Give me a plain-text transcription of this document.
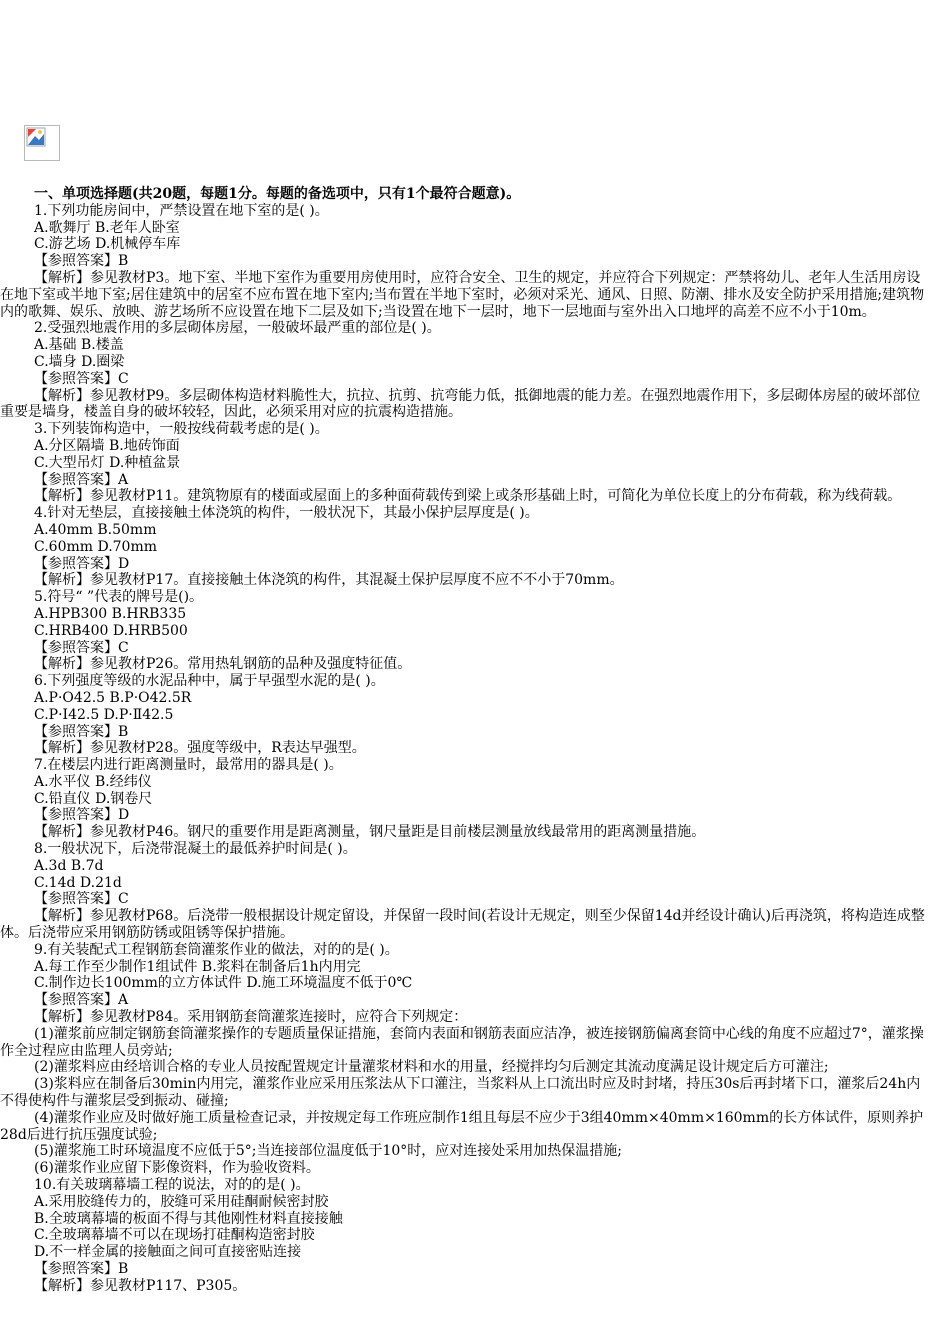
一、单项选择题(共20题，每题1分。每题的备选项中，只有1个最符合题意)。

1.下列功能房间中，严禁设置在地下室的是( )。

A.歌舞厅 B.老年人卧室

C.游艺场 D.机械停车库

【参照答案】B

【解析】参见教材P3。地下室、半地下室作为重要用房使用时，应符合安全、卫生的规定，并应符合下列规定：严禁将幼儿、老年人生活用房设在地下室或半地下室;居住建筑中的居室不应布置在地下室内;当布置在半地下室时，必须对采光、通风、日照、防潮、排水及安全防护采用措施;建筑物内的歌舞、娱乐、放映、游艺场所不应设置在地下二层及如下;当设置在地下一层时，地下一层地面与室外出入口地坪的高差不应不小于10m。

2.受强烈地震作用的多层砌体房屋，一般破坏最严重的部位是( )。

A.基础 B.楼盖

C.墙身 D.圈梁

【参照答案】C

【解析】参见教材P9。多层砌体构造材料脆性大，抗拉、抗剪、抗弯能力低，抵御地震的能力差。在强烈地震作用下，多层砌体房屋的破坏部位重要是墙身，楼盖自身的破坏较轻，因此，必须采用对应的抗震构造措施。

3.下列装饰构造中，一般按线荷载考虑的是( )。

A.分区隔墙 B.地砖饰面

C.大型吊灯 D.种植盆景

【参照答案】A

【解析】参见教材P11。建筑物原有的楼面或屋面上的多种面荷载传到梁上或条形基础上时，可简化为单位长度上的分布荷载，称为线荷载。

4.针对无垫层，直接接触土体浇筑的构件，一般状况下，其最小保护层厚度是( )。

A.40mm B.50mm

C.60mm D.70mm

【参照答案】D

【解析】参见教材P17。直接接触土体浇筑的构件，其混凝土保护层厚度不应不不小于70mm。

5.符号“ ”代表的牌号是()。

A.HPB300 B.HRB335

C.HRB400 D.HRB500

【参照答案】C

【解析】参见教材P26。常用热轧钢筋的品种及强度特征值。

6.下列强度等级的水泥品种中，属于早强型水泥的是( )。

A.P·O42.5 B.P·O42.5R

C.P·I42.5 D.P·Ⅱ42.5

【参照答案】B

【解析】参见教材P28。强度等级中，R表达早强型。

7.在楼层内进行距离测量时，最常用的器具是( )。

A.水平仪 B.经纬仪

C.铅直仪 D.钢卷尺

【参照答案】D

【解析】参见教材P46。钢尺的重要作用是距离测量，钢尺量距是目前楼层测量放线最常用的距离测量措施。

8.一般状况下，后浇带混凝土的最低养护时间是( )。

A.3d B.7d

C.14d D.21d

【参照答案】C

【解析】参见教材P68。后浇带一般根据设计规定留设，并保留一段时间(若设计无规定，则至少保留14d并经设计确认)后再浇筑，将构造连成整体。后浇带应采用钢筋防锈或阻锈等保护措施。

9.有关装配式工程钢筋套筒灌浆作业的做法，对的的是( )。

A.每工作至少制作1组试件 B.浆料在制备后1h内用完

C.制作边长100mm的立方体试件 D.施工环境温度不低于0℃

【参照答案】A

【解析】参见教材P84。采用钢筋套筒灌浆连接时，应符合下列规定：

(1)灌浆前应制定钢筋套筒灌浆操作的专题质量保证措施，套筒内表面和钢筋表面应洁净，被连接钢筋偏离套筒中心线的角度不应超过7°，灌浆操作全过程应由监理人员旁站;

(2)灌浆料应由经培训合格的专业人员按配置规定计量灌浆材料和水的用量，经搅拌均匀后测定其流动度满足设计规定后方可灌注;

(3)浆料应在制备后30min内用完，灌浆作业应采用压浆法从下口灌注，当浆料从上口流出时应及时封堵，持压30s后再封堵下口，灌浆后24h内不得使构件与灌浆层受到振动、碰撞;

(4)灌浆作业应及时做好施工质量检查记录，并按规定每工作班应制作1组且每层不应少于3组40mm×40mm×160mm的长方体试件，原则养护28d后进行抗压强度试验;

(5)灌浆施工时环境温度不应低于5°;当连接部位温度低于10°时，应对连接处采用加热保温措施;

(6)灌浆作业应留下影像资料，作为验收资料。

10.有关玻璃幕墙工程的说法，对的的是( )。

A.采用胶缝传力的，胶缝可采用硅酮耐候密封胶

B.全玻璃幕墙的板面不得与其他刚性材料直接接触

C.全玻璃幕墙不可以在现场打硅酮构造密封胶

D.不一样金属的接触面之间可直接密贴连接

【参照答案】B

【解析】参见教材P117、P305。
